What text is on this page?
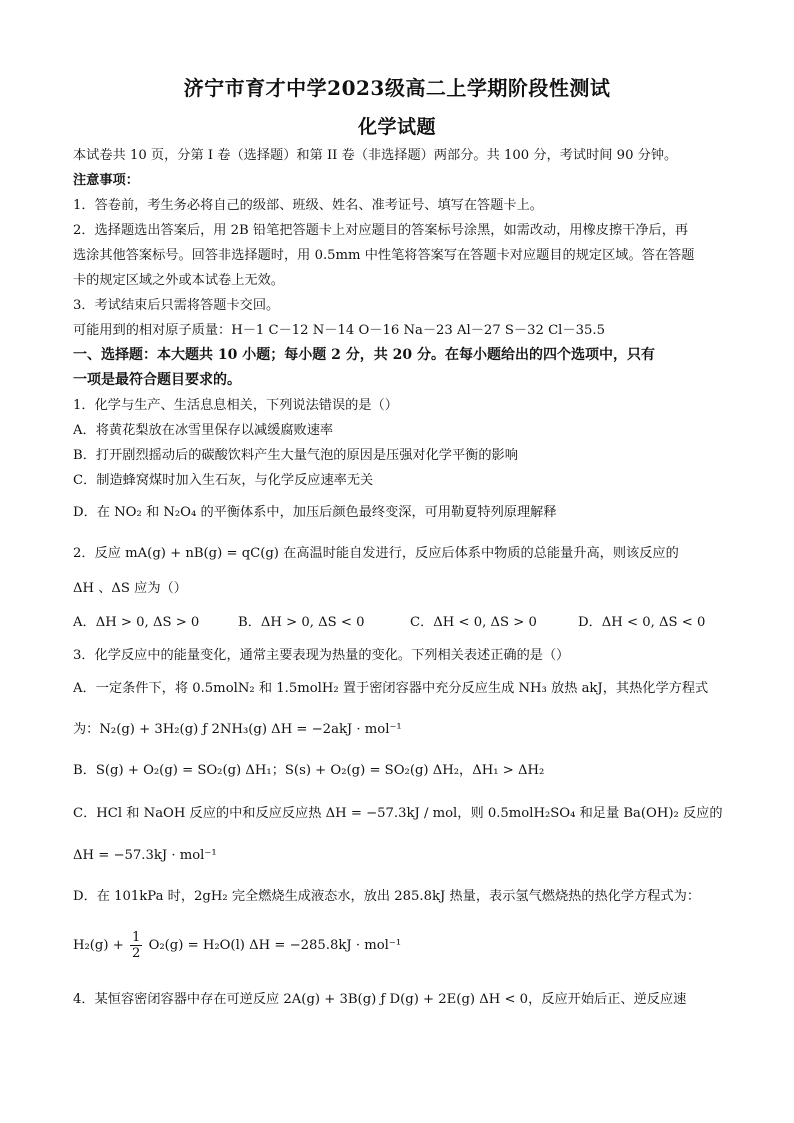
济宁市育才中学2023级高二上学期阶段性测试
化学试题
本试卷共 10 页，分第 I 卷（选择题）和第 II 卷（非选择题）两部分。共 100 分，考试时间 90 分钟。
注意事项：
1．答卷前，考生务必将自己的级部、班级、姓名、准考证号、填写在答题卡上。
2．选择题选出答案后，用 2B 铅笔把答题卡上对应题目的答案标号涂黑，如需改动，用橡皮擦干净后，再
选涂其他答案标号。回答非选择题时，用 0.5mm 中性笔将答案写在答题卡对应题目的规定区域。答在答题
卡的规定区域之外或本试卷上无效。
3．考试结束后只需将答题卡交回。
可能用到的相对原子质量：H－1 C－12 N－14 O－16 Na－23 Al－27 S－32 Cl－35.5
一、选择题：本大题共 10 小题；每小题 2 分，共 20 分。在每小题给出的四个选项中，只有
一项是最符合题目要求的。
1．化学与生产、生活息息相关，下列说法错误的是（）
A．将黄花梨放在冰雪里保存以减缓腐败速率
B．打开剧烈摇动后的碳酸饮料产生大量气泡的原因是压强对化学平衡的影响
C．制造蜂窝煤时加入生石灰，与化学反应速率无关
D．在 NO₂ 和 N₂O₄ 的平衡体系中，加压后颜色最终变深，可用勒夏特列原理解释
2．反应 mA(g) + nB(g) = qC(g) 在高温时能自发进行，反应后体系中物质的总能量升高，则该反应的
ΔH 、ΔS 应为（）
A．ΔH > 0, ΔS > 0	B．ΔH > 0, ΔS < 0	C．ΔH < 0, ΔS > 0	D．ΔH < 0, ΔS < 0
3．化学反应中的能量变化，通常主要表现为热量的变化。下列相关表述正确的是（）
A．一定条件下，将 0.5molN₂ 和 1.5molH₂ 置于密闭容器中充分反应生成 NH₃ 放热 akJ，其热化学方程式
为：N₂(g) + 3H₂(g) ƒ 2NH₃(g) ΔH = −2akJ · mol⁻¹
B．S(g) + O₂(g) = SO₂(g) ΔH₁；S(s) + O₂(g) = SO₂(g) ΔH₂，ΔH₁ > ΔH₂
C．HCl 和 NaOH 反应的中和反应反应热 ΔH = −57.3kJ / mol，则 0.5molH₂SO₄ 和足量 Ba(OH)₂ 反应的
ΔH = −57.3kJ · mol⁻¹
D．在 101kPa 时，2gH₂ 完全燃烧生成液态水，放出 285.8kJ 热量，表示氢气燃烧热的热化学方程式为：
$H_2(g) + \frac{1}{2} O_2(g) = H_2O(l) \Delta H = -285.8kJ \cdot mol^{-1}$
4．某恒容密闭容器中存在可逆反应 2A(g) + 3B(g) ƒ D(g) + 2E(g) ΔH < 0，反应开始后正、逆反应速
